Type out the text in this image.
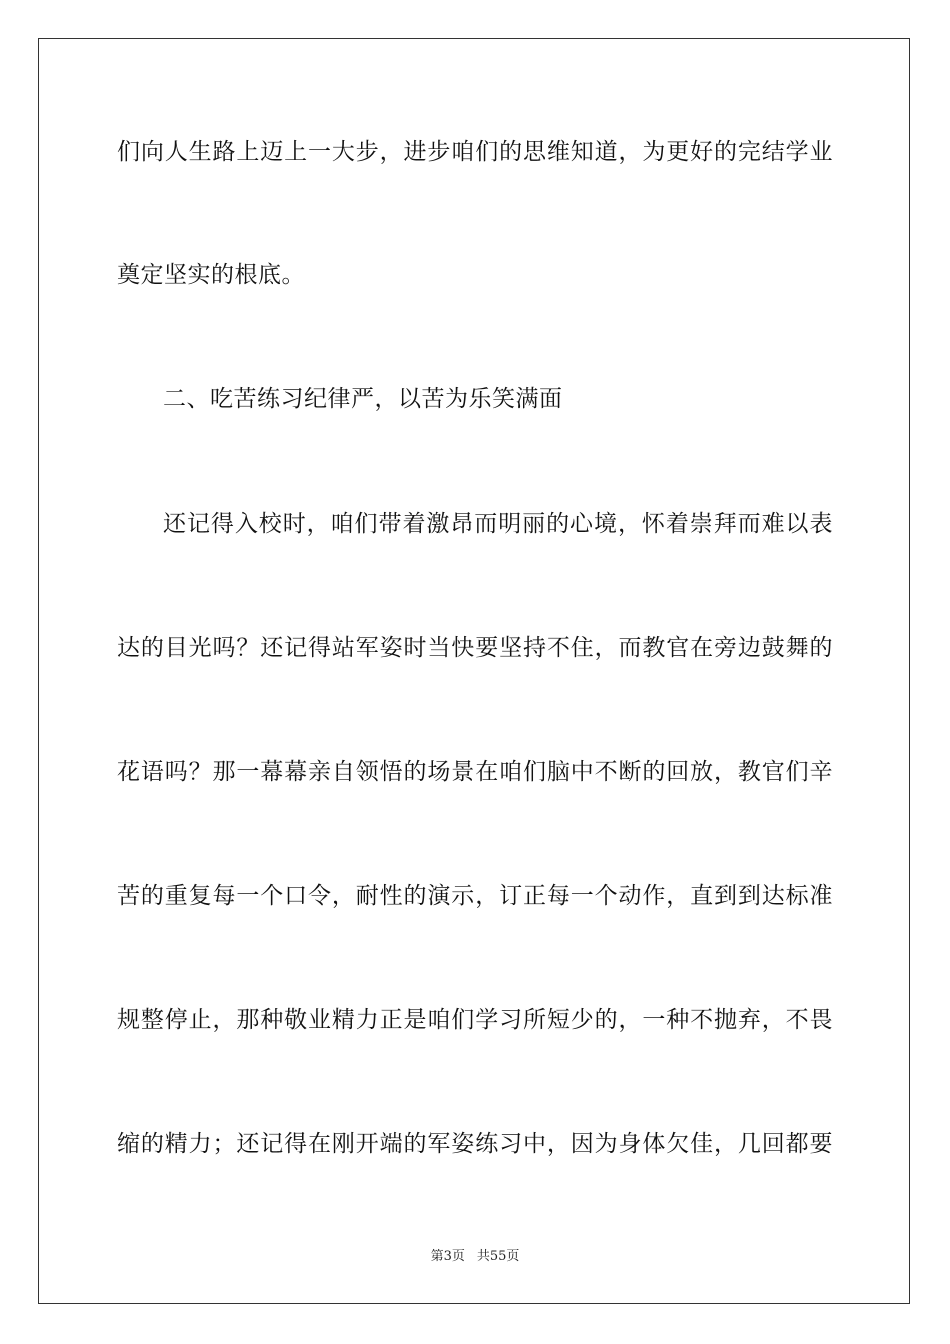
们向人生路上迈上一大步，进步咱们的思维知道，为更好的完结学业
奠定坚实的根底。
二、吃苦练习纪律严，以苦为乐笑满面
还记得入校时，咱们带着激昂而明丽的心境，怀着崇拜而难以表
达的目光吗？还记得站军姿时当快要坚持不住，而教官在旁边鼓舞的
花语吗？那一幕幕亲自领悟的场景在咱们脑中不断的回放，教官们辛
苦的重复每一个口令，耐性的演示，订正每一个动作，直到到达标准
规整停止，那种敬业精力正是咱们学习所短少的，一种不抛弃，不畏
缩的精力；还记得在刚开端的军姿练习中，因为身体欠佳，几回都要
第3页 共55页
